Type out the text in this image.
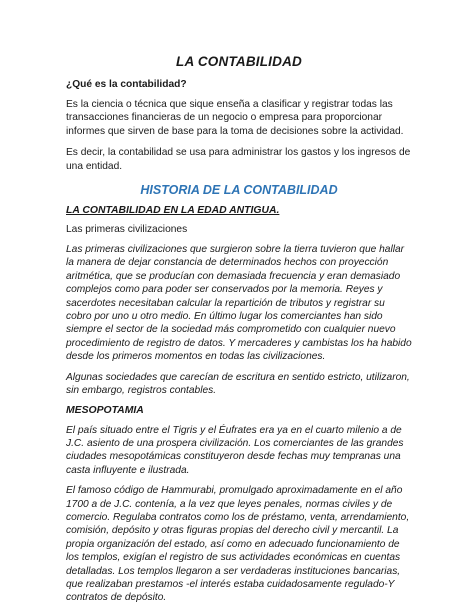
LA CONTABILIDAD
¿Qué es la contabilidad?

Es la ciencia o técnica que sique enseña a clasificar y registrar todas las transacciones financieras de un negocio o empresa para proporcionar informes que sirven de base para la toma de decisiones sobre la actividad.

Es decir, la contabilidad se usa para administrar los gastos y los ingresos de una entidad.

HISTORIA DE LA CONTABILIDAD
LA CONTABILIDAD EN LA EDAD ANTIGUA.
Las primeras civilizaciones

Las primeras civilizaciones que surgieron sobre la tierra tuvieron que hallar la manera de dejar constancia de determinados hechos con proyección aritmética, que se producían con demasiada frecuencia y eran demasiado complejos como para poder ser conservados por la memoria. Reyes y sacerdotes necesitaban calcular la repartición de tributos y registrar su cobro por uno u otro medio. En último lugar los comerciantes han sido siempre el sector de la sociedad más comprometido con cualquier nuevo procedimiento de registro de datos. Y mercaderes y cambistas los ha habido desde los primeros momentos en todas las civilizaciones.

Algunas sociedades que carecían de escritura en sentido estricto, utilizaron, sin embargo, registros contables.

MESOPOTAMIA

El país situado entre el Tigris y el Éufrates era ya en el cuarto milenio a de J.C. asiento de una prospera civilización. Los comerciantes de las grandes ciudades mesopotámicas constituyeron desde fechas muy tempranas una casta influyente e ilustrada.

El famoso código de Hammurabi, promulgado aproximadamente en el año 1700 a de J.C. contenía, a la vez que leyes penales, normas civiles y de comercio. Regulaba contratos como los de préstamo, venta, arrendamiento, comisión, depósito y otras figuras propias del derecho civil y mercantil. La propia organización del estado, así como en adecuado funcionamiento de los templos, exigían el registro de sus actividades económicas en cuentas detalladas. Los templos llegaron a ser verdaderas instituciones bancarias, que realizaban prestamos -el interés estaba cuidadosamente regulado-Y contratos de depósito.
